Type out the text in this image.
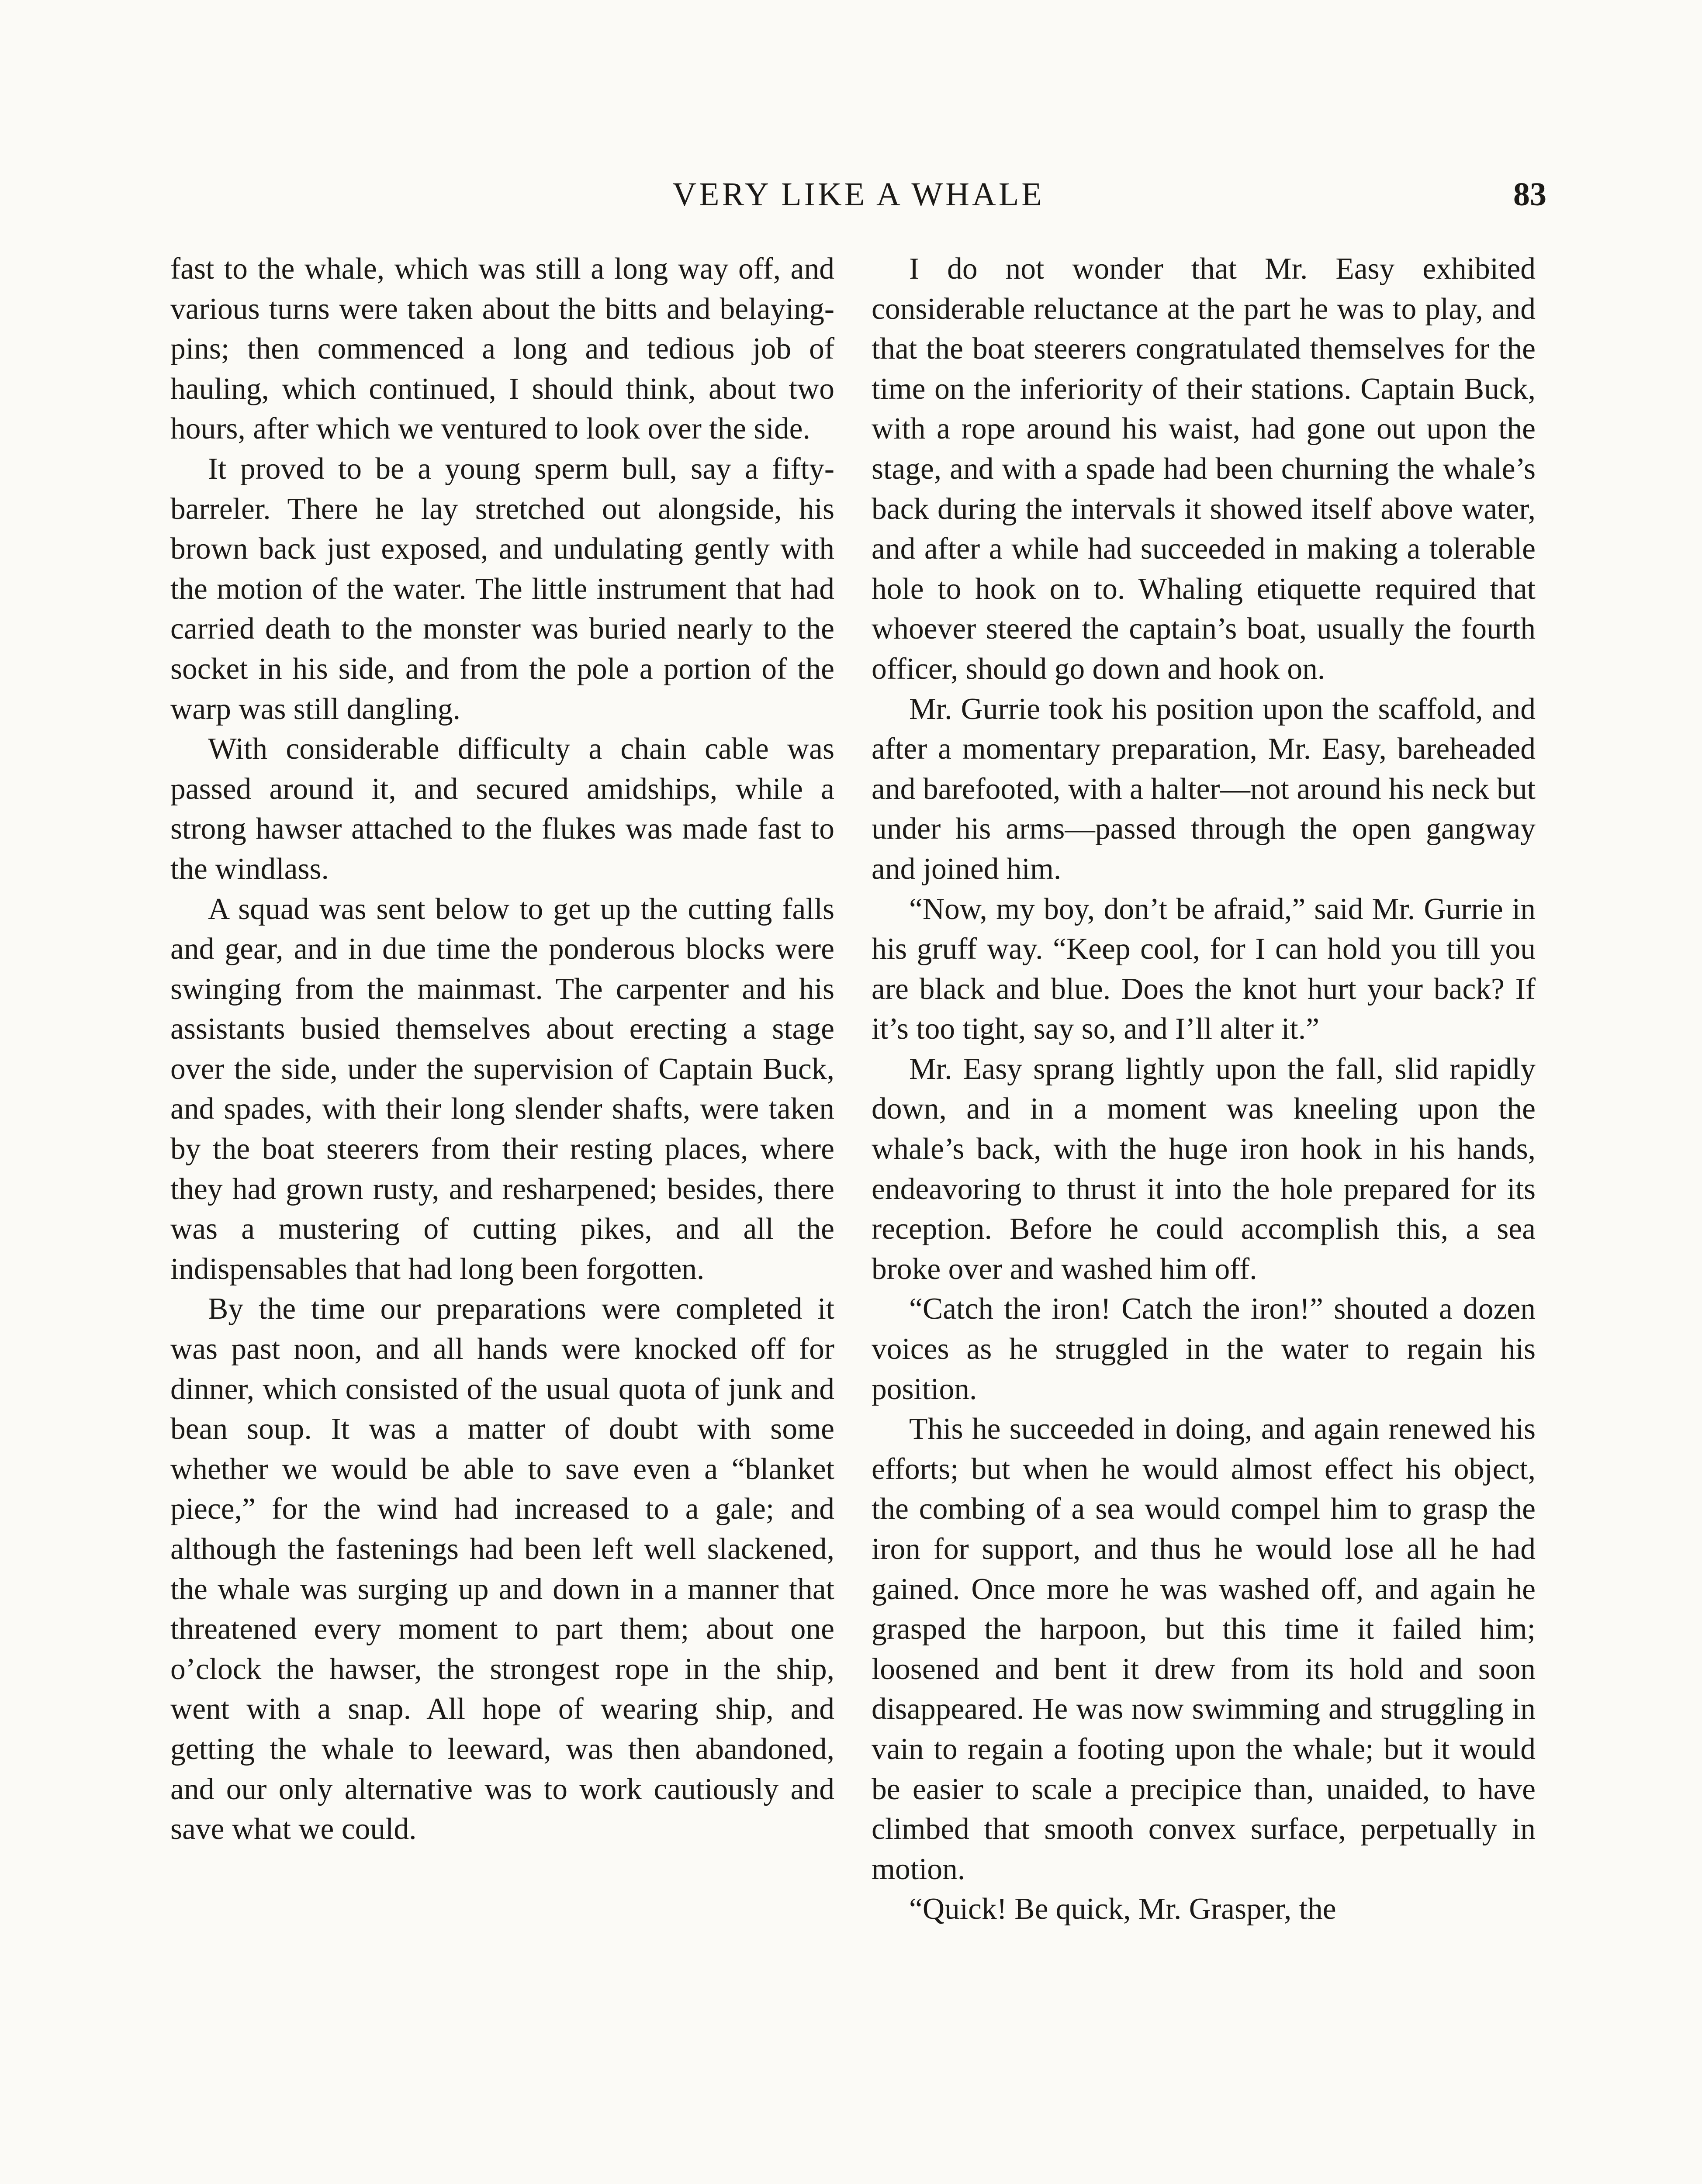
VERY LIKE A WHALE	83

fast to the whale, which was still a long way off, and various turns were taken about the bitts and belaying-pins; then commenced a long and tedious job of hauling, which continued, I should think, about two hours, after which we ventured to look over the side.

It proved to be a young sperm bull, say a fifty-barreler. There he lay stretched out alongside, his brown back just exposed, and undulating gently with the motion of the water. The little instrument that had carried death to the monster was buried nearly to the socket in his side, and from the pole a portion of the warp was still dangling.

With considerable difficulty a chain cable was passed around it, and secured amidships, while a strong hawser attached to the flukes was made fast to the windlass.

A squad was sent below to get up the cutting falls and gear, and in due time the ponderous blocks were swinging from the mainmast. The carpenter and his assistants busied themselves about erecting a stage over the side, under the supervision of Captain Buck, and spades, with their long slender shafts, were taken by the boat steerers from their resting places, where they had grown rusty, and resharpened; besides, there was a mustering of cutting pikes, and all the indispensables that had long been forgotten.

By the time our preparations were completed it was past noon, and all hands were knocked off for dinner, which consisted of the usual quota of junk and bean soup. It was a matter of doubt with some whether we would be able to save even a “blanket piece,” for the wind had increased to a gale; and although the fastenings had been left well slackened, the whale was surging up and down in a manner that threatened every moment to part them; about one o’clock the hawser, the strongest rope in the ship, went with a snap. All hope of wearing ship, and getting the whale to leeward, was then abandoned, and our only alternative was to work cautiously and save what we could.

I do not wonder that Mr. Easy exhibited considerable reluctance at the part he was to play, and that the boat steerers congratulated themselves for the time on the inferiority of their stations. Captain Buck, with a rope around his waist, had gone out upon the stage, and with a spade had been churning the whale’s back during the intervals it showed itself above water, and after a while had succeeded in making a tolerable hole to hook on to. Whaling etiquette required that whoever steered the captain’s boat, usually the fourth officer, should go down and hook on.

Mr. Gurrie took his position upon the scaffold, and after a momentary preparation, Mr. Easy, bareheaded and barefooted, with a halter—not around his neck but under his arms—passed through the open gangway and joined him.

“Now, my boy, don’t be afraid,” said Mr. Gurrie in his gruff way. “Keep cool, for I can hold you till you are black and blue. Does the knot hurt your back? If it’s too tight, say so, and I’ll alter it.”

Mr. Easy sprang lightly upon the fall, slid rapidly down, and in a moment was kneeling upon the whale’s back, with the huge iron hook in his hands, endeavoring to thrust it into the hole prepared for its reception. Before he could accomplish this, a sea broke over and washed him off.

“Catch the iron! Catch the iron!” shouted a dozen voices as he struggled in the water to regain his position.

This he succeeded in doing, and again renewed his efforts; but when he would almost effect his object, the combing of a sea would compel him to grasp the iron for support, and thus he would lose all he had gained. Once more he was washed off, and again he grasped the harpoon, but this time it failed him; loosened and bent it drew from its hold and soon disappeared. He was now swimming and struggling in vain to regain a footing upon the whale; but it would be easier to scale a precipice than, unaided, to have climbed that smooth convex surface, perpetually in motion.

“Quick! Be quick, Mr. Grasper, the
